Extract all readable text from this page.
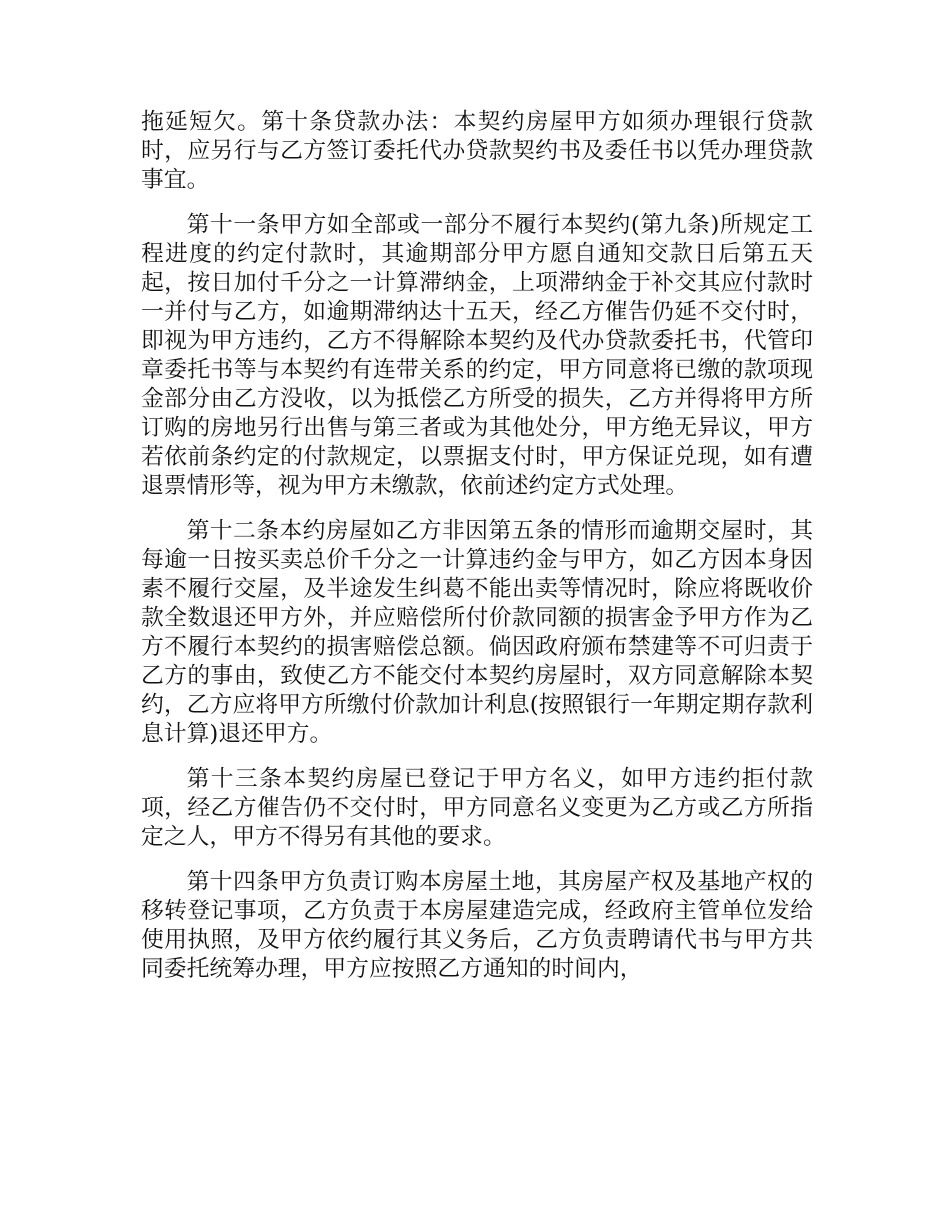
拖延短欠。第十条贷款办法：本契约房屋甲方如须办理银行贷款时，应另行与乙方签订委托代办贷款契约书及委任书以凭办理贷款事宜。

第十一条甲方如全部或一部分不履行本契约(第九条)所规定工程进度的约定付款时，其逾期部分甲方愿自通知交款日后第五天起，按日加付千分之一计算滞纳金，上项滞纳金于补交其应付款时一并付与乙方，如逾期滞纳达十五天，经乙方催告仍延不交付时，即视为甲方违约，乙方不得解除本契约及代办贷款委托书，代管印章委托书等与本契约有连带关系的约定，甲方同意将已缴的款项现金部分由乙方没收，以为抵偿乙方所受的损失，乙方并得将甲方所订购的房地另行出售与第三者或为其他处分，甲方绝无异议，甲方若依前条约定的付款规定，以票据支付时，甲方保证兑现，如有遭退票情形等，视为甲方未缴款，依前述约定方式处理。

第十二条本约房屋如乙方非因第五条的情形而逾期交屋时，其每逾一日按买卖总价千分之一计算违约金与甲方，如乙方因本身因素不履行交屋，及半途发生纠葛不能出卖等情况时，除应将既收价款全数退还甲方外，并应赔偿所付价款同额的损害金予甲方作为乙方不履行本契约的损害赔偿总额。倘因政府颁布禁建等不可归责于乙方的事由，致使乙方不能交付本契约房屋时，双方同意解除本契约，乙方应将甲方所缴付价款加计利息(按照银行一年期定期存款利息计算)退还甲方。

第十三条本契约房屋已登记于甲方名义，如甲方违约拒付款项，经乙方催告仍不交付时，甲方同意名义变更为乙方或乙方所指定之人，甲方不得另有其他的要求。

第十四条甲方负责订购本房屋土地，其房屋产权及基地产权的移转登记事项，乙方负责于本房屋建造完成，经政府主管单位发给使用执照，及甲方依约履行其义务后，乙方负责聘请代书与甲方共同委托统筹办理，甲方应按照乙方通知的时间内，
